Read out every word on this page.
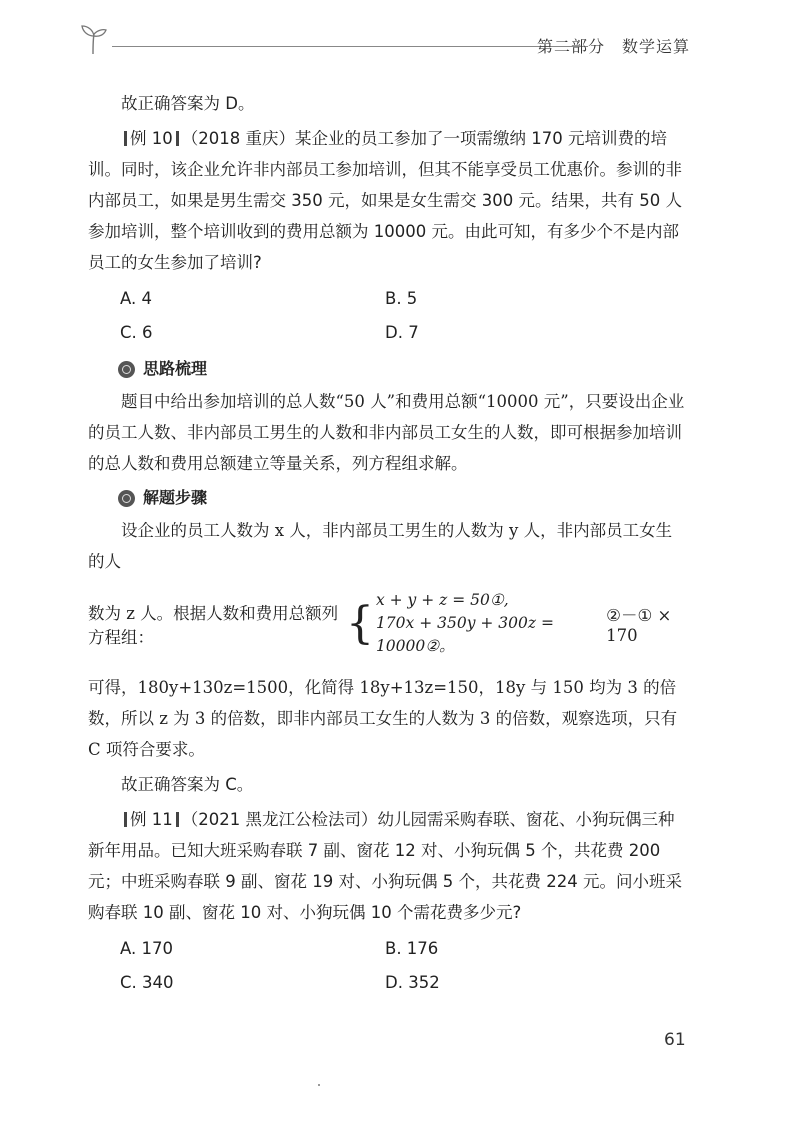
第二部分　数学运算

故正确答案为 D。

例 10 （2018 重庆）某企业的员工参加了一项需缴纳 170 元培训费的培训。同时，该企业允许非内部员工参加培训，但其不能享受员工优惠价。参训的非内部员工，如果是男生需交 350 元，如果是女生需交 300 元。结果，共有 50 人参加培训，整个培训收到的费用总额为 10000 元。由此可知，有多少个不是内部员工的女生参加了培训?

A. 4	B. 5
C. 6	D. 7
思路梳理

题目中给出参加培训的总人数“50 人”和费用总额“10000 元”，只要设出企业的员工人数、非内部员工男生的人数和非内部员工女生的人数，即可根据参加培训的总人数和费用总额建立等量关系，列方程组求解。

解题步骤

设企业的员工人数为 x 人，非内部员工男生的人数为 y 人，非内部员工女生的人

数为 z 人。根据人数和费用总额列方程组：	{ x + y + z = 50①,
170x + 350y + 300z = 10000②。
②－① × 170

可得，180y+130z=1500，化简得 18y+13z=150，18y 与 150 均为 3 的倍数，所以 z 为 3 的倍数，即非内部员工女生的人数为 3 的倍数，观察选项，只有 C 项符合要求。

故正确答案为 C。

例 11 （2021 黑龙江公检法司）幼儿园需采购春联、窗花、小狗玩偶三种新年用品。已知大班采购春联 7 副、窗花 12 对、小狗玩偶 5 个，共花费 200 元；中班采购春联 9 副、窗花 19 对、小狗玩偶 5 个，共花费 224 元。问小班采购春联 10 副、窗花 10 对、小狗玩偶 10 个需花费多少元?

A. 170	B. 176
C. 340	D. 352
61
